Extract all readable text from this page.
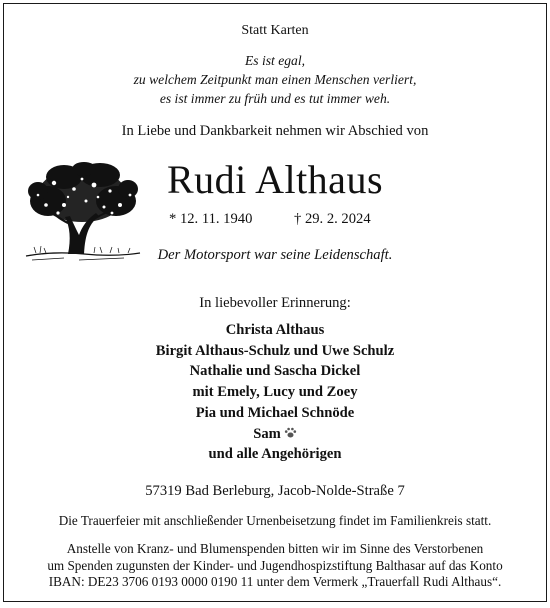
Statt Karten
Es ist egal,
zu welchem Zeitpunkt man einen Menschen verliert,
es ist immer zu früh und es tut immer weh.
In Liebe und Dankbarkeit nehmen wir Abschied von
Rudi Althaus
* 12. 11. 1940	† 29. 2. 2024
Der Motorsport war seine Leidenschaft.
In liebevoller Erinnerung:
Christa Althaus
Birgit Althaus-Schulz und Uwe Schulz
Nathalie und Sascha Dickel
mit Emely, Lucy und Zoey
Pia und Michael Schnöde
Sam
und alle Angehörigen
57319 Bad Berleburg, Jacob-Nolde-Straße 7
Die Trauerfeier mit anschließender Urnenbeisetzung findet im Familienkreis statt.
Anstelle von Kranz- und Blumenspenden bitten wir im Sinne des Verstorbenen
um Spenden zugunsten der Kinder- und Jugendhospizstiftung Balthasar auf das Konto
IBAN: DE23 3706 0193 0000 0190 11 unter dem Vermerk „Trauerfall Rudi Althaus“.
